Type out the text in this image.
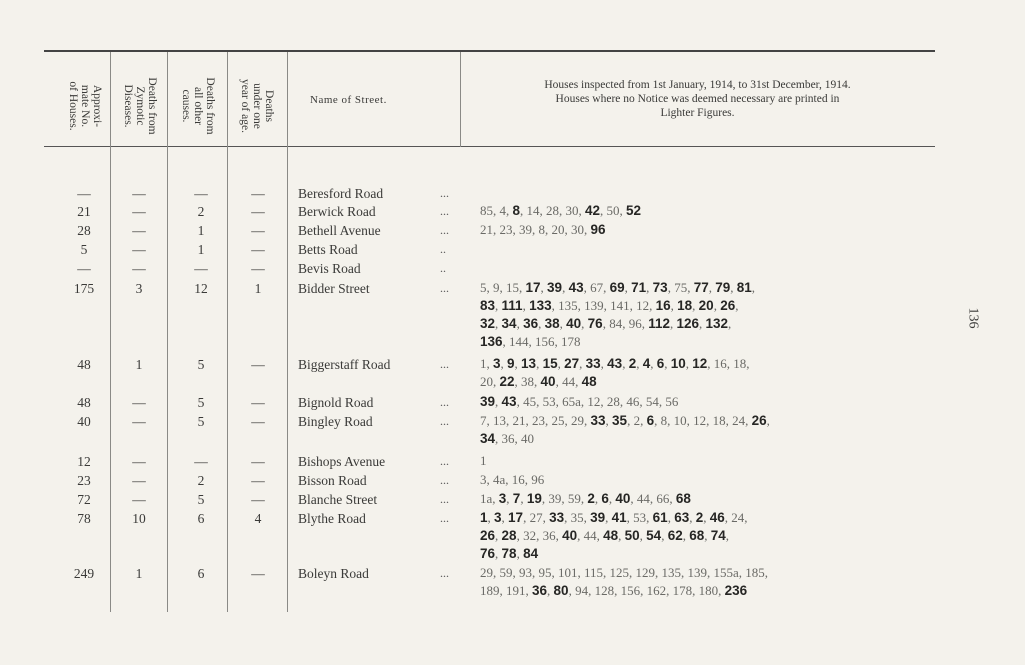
Approxi-
mate No.
of Houses.	Deaths from
Zymotic
Diseases.	Deaths from
all other
causes.	Deaths
under one
year of age.	Name of Street.
Houses inspected from 1st January, 1914, to 31st December, 1914.
Houses where no Notice was deemed necessary are printed in
Lighter Figures.
—	—	—	—	Beresford Road	...
21	—	2	—	Berwick Road	... 85, 4, 8, 14, 28, 30, 42, 50, 52
28	—	1	—	Bethell Avenue	... 21, 23, 39, 8, 20, 30, 96
5	—	1	—	Betts Road	..
—	—	—	—	Bevis Road	..
175	3	12	1	Bidder Street	... 5, 9, 15, 17, 39, 43, 67, 69, 71, 73, 75, 77, 79, 81,
83, 111, 133, 135, 139, 141, 12, 16, 18, 20, 26,
32, 34, 36, 38, 40, 76, 84, 96, 112, 126, 132,
136, 144, 156, 178
48	1	5	—	Biggerstaff Road	... 1, 3, 9, 13, 15, 27, 33, 43, 2, 4, 6, 10, 12, 16, 18,
20, 22, 38, 40, 44, 48
48	—	5	—	Bignold Road	... 39, 43, 45, 53, 65a, 12, 28, 46, 54, 56
40	—	5	—	Bingley Road	... 7, 13, 21, 23, 25, 29, 33, 35, 2, 6, 8, 10, 12, 18, 24, 26,
34, 36, 40
12	—	—	—	Bishops Avenue	... 1
23	—	2	—	Bisson Road	... 3, 4a, 16, 96
72	—	5	—	Blanche Street	... 1a, 3, 7, 19, 39, 59, 2, 6, 40, 44, 66, 68
78	10	6	4	Blythe Road	... 1, 3, 17, 27, 33, 35, 39, 41, 53, 61, 63, 2, 46, 24,
26, 28, 32, 36, 40, 44, 48, 50, 54, 62, 68, 74,
76, 78, 84
249	1	6	—	Boleyn Road	... 29, 59, 93, 95, 101, 115, 125, 129, 135, 139, 155a, 185,
189, 191, 36, 80, 94, 128, 156, 162, 178, 180, 236
136
